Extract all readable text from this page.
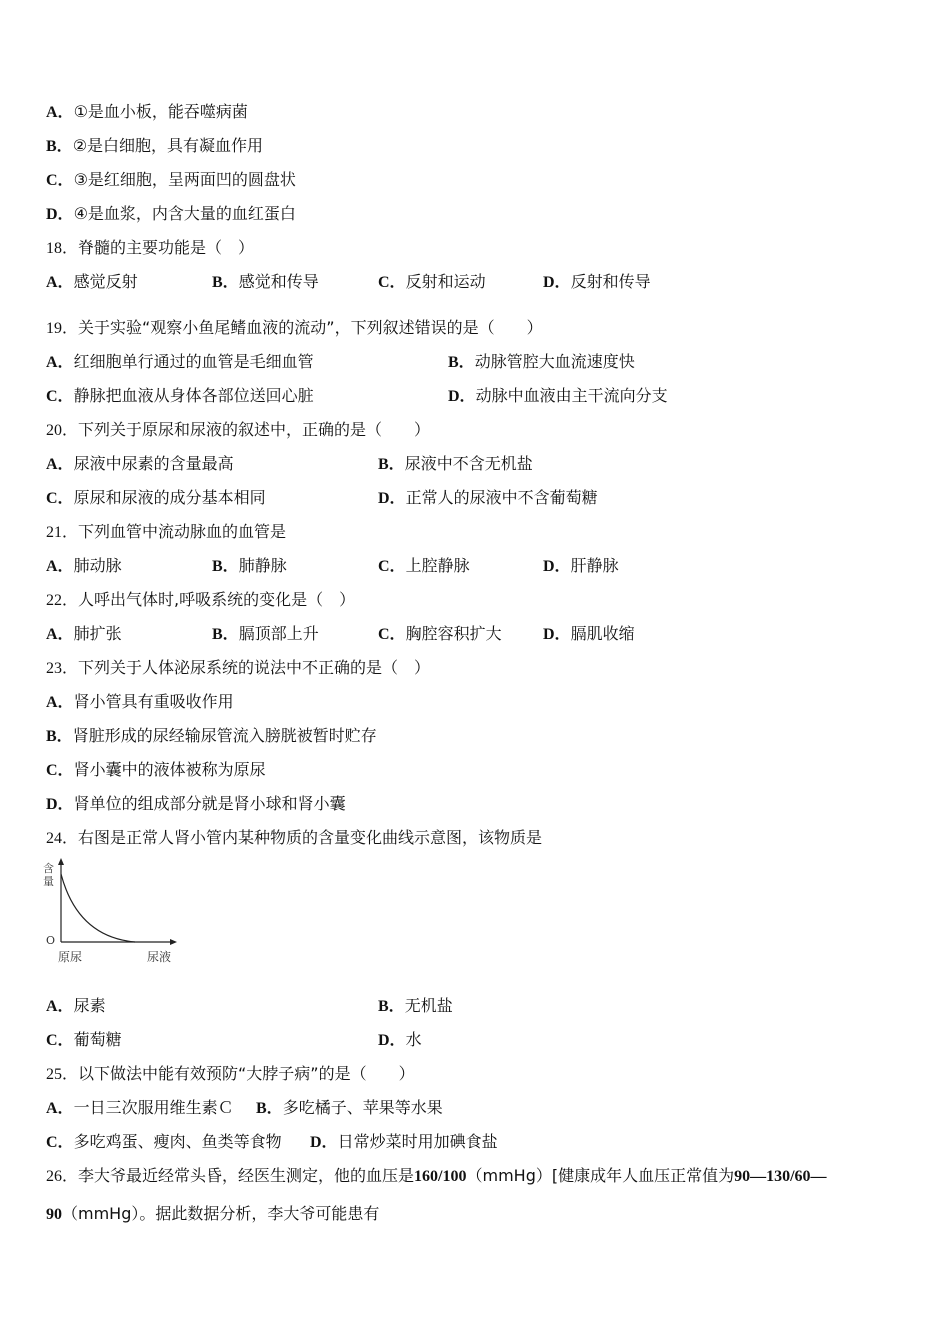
A．①是血小板，能吞噬病菌
B．②是白细胞，具有凝血作用
C．③是红细胞，呈两面凹的圆盘状
D．④是血浆，内含大量的血红蛋白
18．脊髓的主要功能是（　）
A．感觉反射	B．感觉和传导	C．反射和运动	D．反射和传导
19．关于实验“观察小鱼尾鳍血液的流动”，下列叙述错误的是（　　）
A．红细胞单行通过的血管是毛细血管	B．动脉管腔大血流速度快
C．静脉把血液从身体各部位送回心脏	D．动脉中血液由主干流向分支
20．下列关于原尿和尿液的叙述中，正确的是（　　）
A．尿液中尿素的含量最高	B．尿液中不含无机盐
C．原尿和尿液的成分基本相同	D．正常人的尿液中不含葡萄糖
21．下列血管中流动脉血的血管是
A．肺动脉	B．肺静脉	C．上腔静脉	D．肝静脉
22．人呼出气体时,呼吸系统的变化是（　）
A．肺扩张	B．膈顶部上升	C．胸腔容积扩大	D．膈肌收缩
23．下列关于人体泌尿系统的说法中不正确的是（　）
A．肾小管具有重吸收作用
B．肾脏形成的尿经输尿管流入膀胱被暂时贮存
C．肾小囊中的液体被称为原尿
D．肾单位的组成部分就是肾小球和肾小囊
24．右图是正常人肾小管内某种物质的含量变化曲线示意图，该物质是
含
量
O
原尿	尿液
A．尿素	B．无机盐
C．葡萄糖	D．水
25．以下做法中能有效预防“大脖子病”的是（　　）
A．一日三次服用维生素Ｃ B．多吃橘子、苹果等水果
C．多吃鸡蛋、瘦肉、鱼类等食物 D．日常炒菜时用加碘食盐
26．李大爷最近经常头昏，经医生测定，他的血压是160/100（mmHg）[健康成年人血压正常值为90—130/60—
90（mmHg）。据此数据分析，李大爷可能患有
